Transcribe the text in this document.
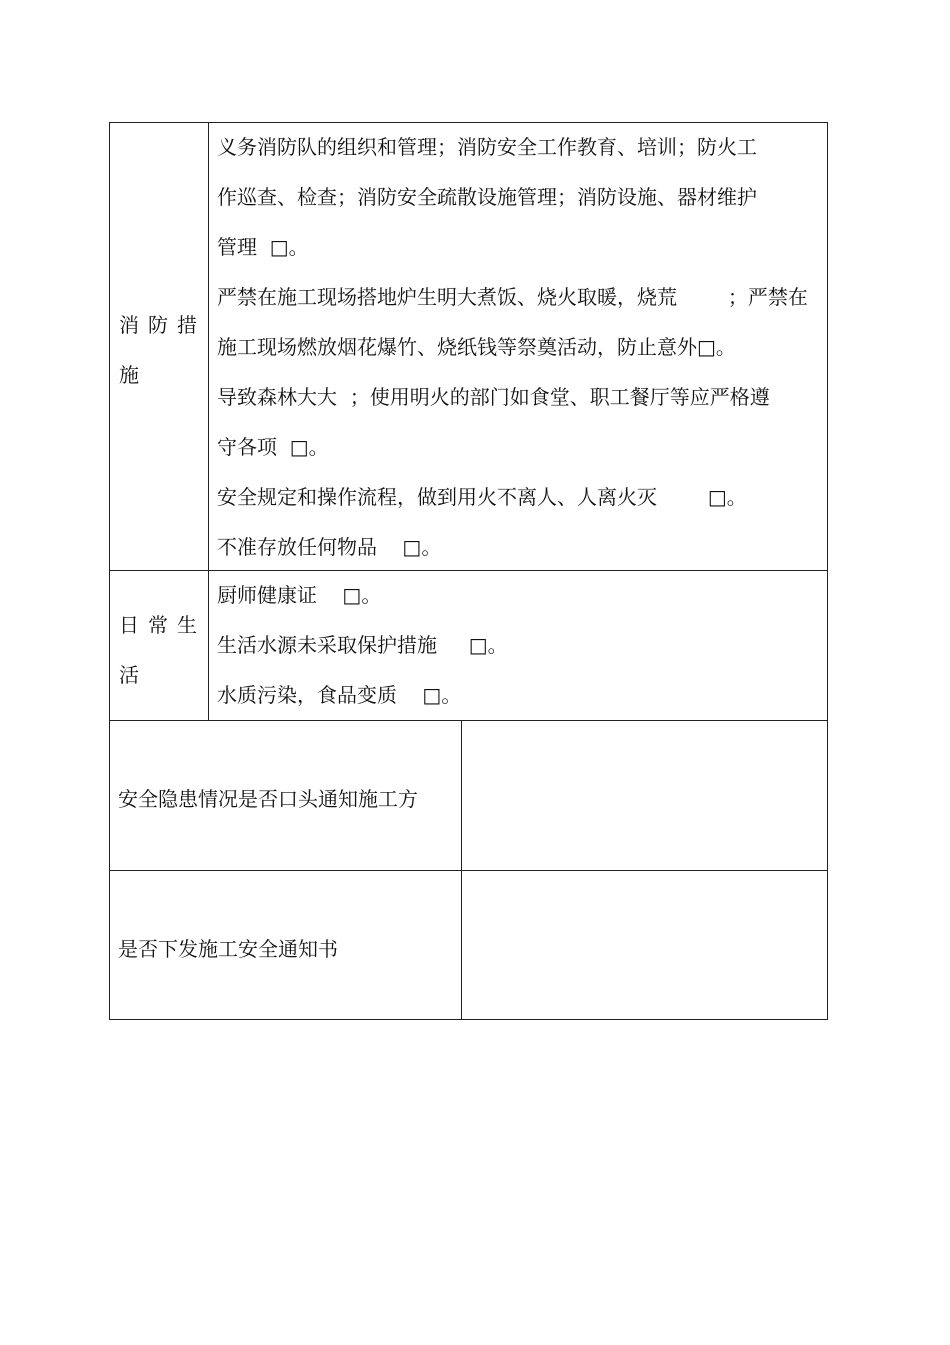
消防措
施
义务消防队的组织和管理；消防安全工作教育、培训；防火工
作巡查、检查；消防安全疏散设施管理；消防设施、器材维护
管理  □。
严禁在施工现场搭地炉生明大煮饭、烧火取暖，烧荒        ；严禁在
施工现场燃放烟花爆竹、烧纸钱等祭奠活动，防止意外□。
导致森林大大  ；使用明火的部门如食堂、职工餐厅等应严格遵
守各项  □。
安全规定和操作流程，做到用火不离人、人离火灭        □。
不准存放任何物品    □。
日常生
活
厨师健康证    □。
生活水源未采取保护措施     □。
水质污染，食品变质    □。
安全隐患情况是否口头通知施工方
是否下发施工安全通知书
